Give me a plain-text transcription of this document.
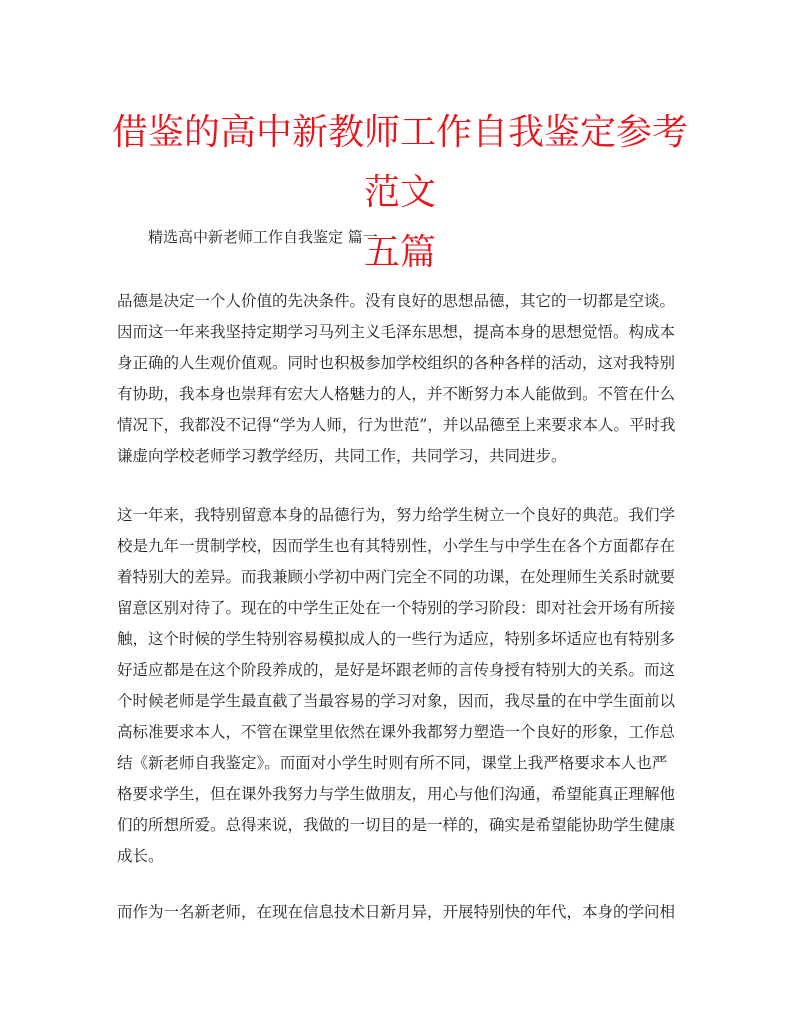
借鉴的高中新教师工作自我鉴定参考范文
五篇

精选高中新老师工作自我鉴定 篇一

品德是决定一个人价值的先决条件。没有良好的思想品德，其它的一切都是空谈。
因而这一年来我坚持定期学习马列主义毛泽东思想，提高本身的思想觉悟。构成本
身正确的人生观价值观。同时也积极参加学校组织的各种各样的活动，这对我特别
有协助，我本身也崇拜有宏大人格魅力的人，并不断努力本人能做到。不管在什么
情况下，我都没不记得“学为人师，行为世范”，并以品德至上来要求本人。平时我
谦虚向学校老师学习教学经历，共同工作，共同学习，共同进步。
这一年来，我特别留意本身的品德行为，努力给学生树立一个良好的典范。我们学
校是九年一贯制学校，因而学生也有其特别性，小学生与中学生在各个方面都存在
着特别大的差异。而我兼顾小学初中两门完全不同的功课，在处理师生关系时就要
留意区别对待了。现在的中学生正处在一个特别的学习阶段：即对社会开场有所接
触，这个时候的学生特别容易模拟成人的一些行为适应，特别多坏适应也有特别多
好适应都是在这个阶段养成的，是好是坏跟老师的言传身授有特别大的关系。而这
个时候老师是学生最直截了当最容易的学习对象，因而，我尽量的在中学生面前以
高标准要求本人，不管在课堂里依然在课外我都努力塑造一个良好的形象，工作总
结《新老师自我鉴定》。而面对小学生时则有所不同，课堂上我严格要求本人也严
格要求学生，但在课外我努力与学生做朋友，用心与他们沟通，希望能真正理解他
们的所想所爱。总得来说，我做的一切目的是一样的，确实是希望能协助学生健康
成长。
而作为一名新老师，在现在信息技术日新月异，开展特别快的年代，本身的学问相
